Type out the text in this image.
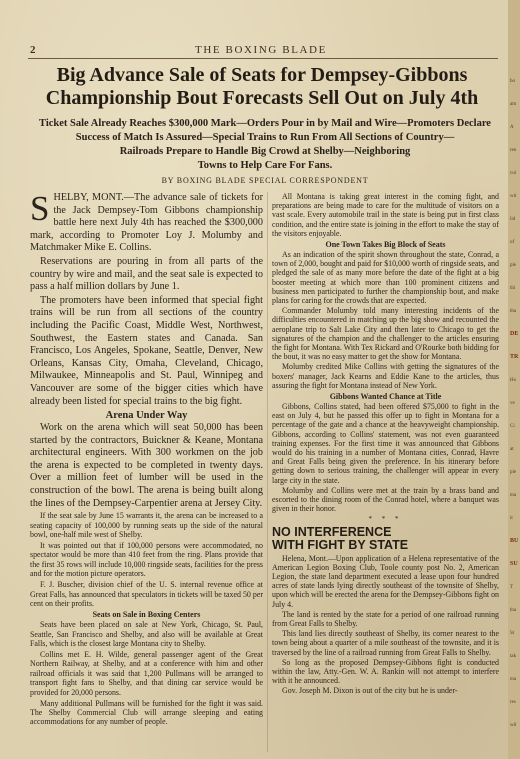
2	THE BOXING BLADE
Big Advance Sale of Seats for Dempsey-Gibbons
Championship Bout Forecasts Sell Out on July 4th
Ticket Sale Already Reaches $300,000 Mark—Orders Pour in by Mail and Wire—Promoters Declare
Success of Match Is Assured—Special Trains to Run From All Sections of Country—
Railroads Prepare to Handle Big Crowd at Shelby—Neighboring
Towns to Help Care For Fans.
BY BOXING BLADE SPECIAL CORRESPONDENT

SHELBY, MONT.—The advance sale of tickets for the Jack Dempsey-Tom Gibbons championship battle here next July 4th has reached the $300,000 mark, according to Promoter Loy J. Molumby and Matchmaker Mike E. Collins.

Reservations are pouring in from all parts of the country by wire and mail, and the seat sale is expected to pass a half million dollars by June 1.

The promoters have been informed that special fight trains will be run from all sections of the country including the Pacific Coast, Middle West, Northwest, Southwest, the Eastern states and Canada. San Francisco, Los Angeles, Spokane, Seattle, Denver, New Orleans, Kansas City, Omaha, Cleveland, Chicago, Milwaukee, Minneapolis and St. Paul, Winnipeg and Vancouver are some of the bigger cities which have already been listed for special trains to the big fight.

Arena Under Way

Work on the arena which will seat 50,000 has been started by the contractors, Buickner & Keane, Montana architectural engineers. With 300 workmen on the job the arena is expected to be completed in twenty days. Over a million feet of lumber will be used in the construction of the bowl. The arena is being built along the lines of the Dempsey-Carpentier arena at Jersey City.

If the seat sale by June 15 warrants it, the arena can be increased to a seating capacity of 100,000 by running seats up the side of the natural bowl, one-half mile west of Shelby.

It was pointed out that if 100,000 persons were accommodated, no spectator would be more than 410 feet from the ring. Plans provide that the first 35 rows will include 10,000 ringside seats, facilities for the press and for the motion picture operators.

F. J. Buscher, division chief of the U. S. internal revenue office at Great Falls, has announced that speculators in tickets will be taxed 50 per cent on their profits.

Seats on Sale in Boxing Centers

Seats have been placed on sale at New York, Chicago, St. Paul, Seattle, San Francisco and Shelby, and also will be available at Great Falls, which is the closest large Montana city to Shelby.

Collins met E. H. Wilde, general passenger agent of the Great Northern Railway, at Shelby, and at a conference with him and other railroad officials it was said that 1,200 Pullmans will be arranged to transport fight fans to Shelby, and that dining car service would be provided for 20,000 persons.

Many additional Pullmans will be furnished for the fight it was said. The Shelby Commercial Club will arrange sleeping and eating accommodations for any number of people.

All Montana is taking great interest in the coming fight, and preparations are being made to care for the multitude of visitors on a vast scale. Every automobile trail in the state is being put in first class condition, and the entire state is joining in the effort to make the stay of the visitors enjoyable.

One Town Takes Big Block of Seats

As an indication of the spirit shown throughout the state, Conrad, a town of 2,000, bought and paid for $10,000 worth of ringside seats, and pledged the sale of as many more before the date of the fight at a big booster meeting at which more than 100 prominent citizens and business men participated to further the championship bout, and make plans for caring for the crowds that are expected.

Commander Molumby told many interesting incidents of the difficulties encountered in matching up the big show and recounted the aeroplane trip to Salt Lake City and then later to Chicago to get the signatures of the champion and the challenger to the articles ensuring the fight for Montana. With Tex Rickard and O'Rourke both bidding for the bout, it was no easy matter to get the show for Montana.

Molumby credited Mike Collins with getting the signatures of the boxers' manager, Jack Kearns and Eddie Kane to the articles, thus assuring the fight for Montana instead of New York.

Gibbons Wanted Chance at Title

Gibbons, Collins stated, had been offered $75,000 to fight in the east on July 4, but he passed this offer up to fight in Montana for a percentage of the gate and a chance at the heavyweight championship. Gibbons, according to Collins' statement, was not even guaranteed training expenses. For the first time it was announced that Gibbons would do his training in a number of Montana cities, Conrad, Havre and Great Falls being given the preference. In his itinerary before getting down to serious training, the challenger will appear in every large city in the state.

Molumby and Collins were met at the train by a brass band and escorted to the dining room of the Conrad hotel, where a banquet was given in their honor.

* * *
NO INTERFERENCE
WITH FIGHT BY STATE

Helena, Mont.—Upon application of a Helena representative of the American Legion Boxing Club, Toole county post No. 2, American Legion, the state land department executed a lease upon four hundred acres of state lands lying directly southeast of the townsite of Shelby, upon which will be erected the arena for the Dempsey-Gibbons fight on July 4.

The land is rented by the state for a period of one railroad running from Great Falls to Shelby.

This land lies directly southeast of Shelby, its corner nearest to the town being about a quarter of a mile southeast of the townsite, and it is traversed by the line of a railroad running from Great Falls to Shelby.

So long as the proposed Dempsey-Gibbons fight is conducted within the law, Atty.-Gen. W. A. Rankin will not attempt to interfere with it he announced.

Gov. Joseph M. Dixon is out of the city but he is under-

bo
am
A
ren
cui
wit
lid
of
ple
thi
tha
DE
TR
Ho
ve
Ci
at
ple
ma
it
BU
SU
T
tha
St
tak
ma
res
wil
